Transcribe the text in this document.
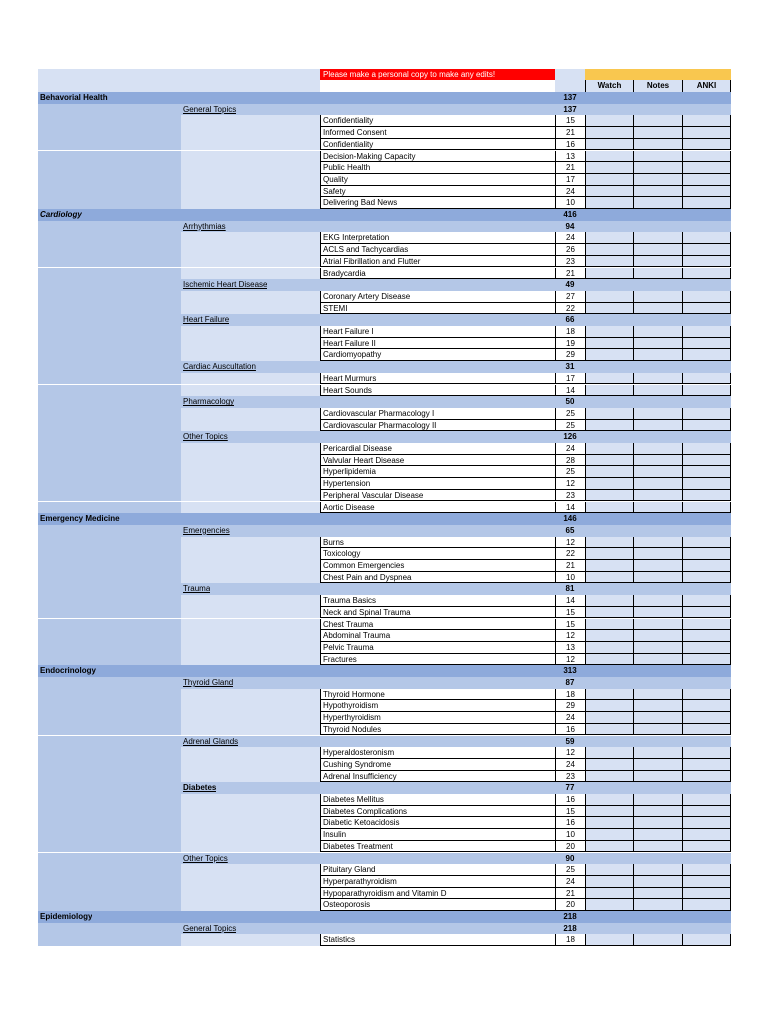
Please make a personal copy to make any edits!
Watch	Notes	ANKI
Behavorial Health	137
General Topics	137
Confidentiality	15
Informed Consent	21
Confidentiality	16
Decision-Making Capacity	13
Public Health	21
Quality	17
Safety	24
Delivering Bad News	10
Cardiology	416
Arrhythmias	94
EKG Interpretation	24
ACLS and Tachycardias	26
Atrial Fibrillation and Flutter	23
Bradycardia	21
Ischemic Heart Disease	49
Coronary Artery Disease	27
STEMI	22
Heart Failure	66
Heart Failure I	18
Heart Failure II	19
Cardiomyopathy	29
Cardiac Auscultation	31
Heart Murmurs	17
Heart Sounds	14
Pharmacology	50
Cardiovascular Pharmacology I	25
Cardiovascular Pharmacology II	25
Other Topics	126
Pericardial Disease	24
Valvular Heart Disease	28
Hyperlipidemia	25
Hypertension	12
Peripheral Vascular Disease	23
Aortic Disease	14
Emergency Medicine	146
Emergencies	65
Burns	12
Toxicology	22
Common Emergencies	21
Chest Pain and Dyspnea	10
Trauma	81
Trauma Basics	14
Neck and Spinal Trauma	15
Chest Trauma	15
Abdominal Trauma	12
Pelvic Trauma	13
Fractures	12
Endocrinology	313
Thyroid Gland	87
Thyroid Hormone	18
Hypothyroidism	29
Hyperthyroidism	24
Thyroid Nodules	16
Adrenal Glands	59
Hyperaldosteronism	12
Cushing Syndrome	24
Adrenal Insufficiency	23
Diabetes	77
Diabetes Mellitus	16
Diabetes Complications	15
Diabetic Ketoacidosis	16
Insulin	10
Diabetes Treatment	20
Other Topics	90
Pituitary Gland	25
Hyperparathyroidism	24
Hypoparathyroidism and Vitamin D	21
Osteoporosis	20
Epidemiology	218
General Topics	218
Statistics	18
